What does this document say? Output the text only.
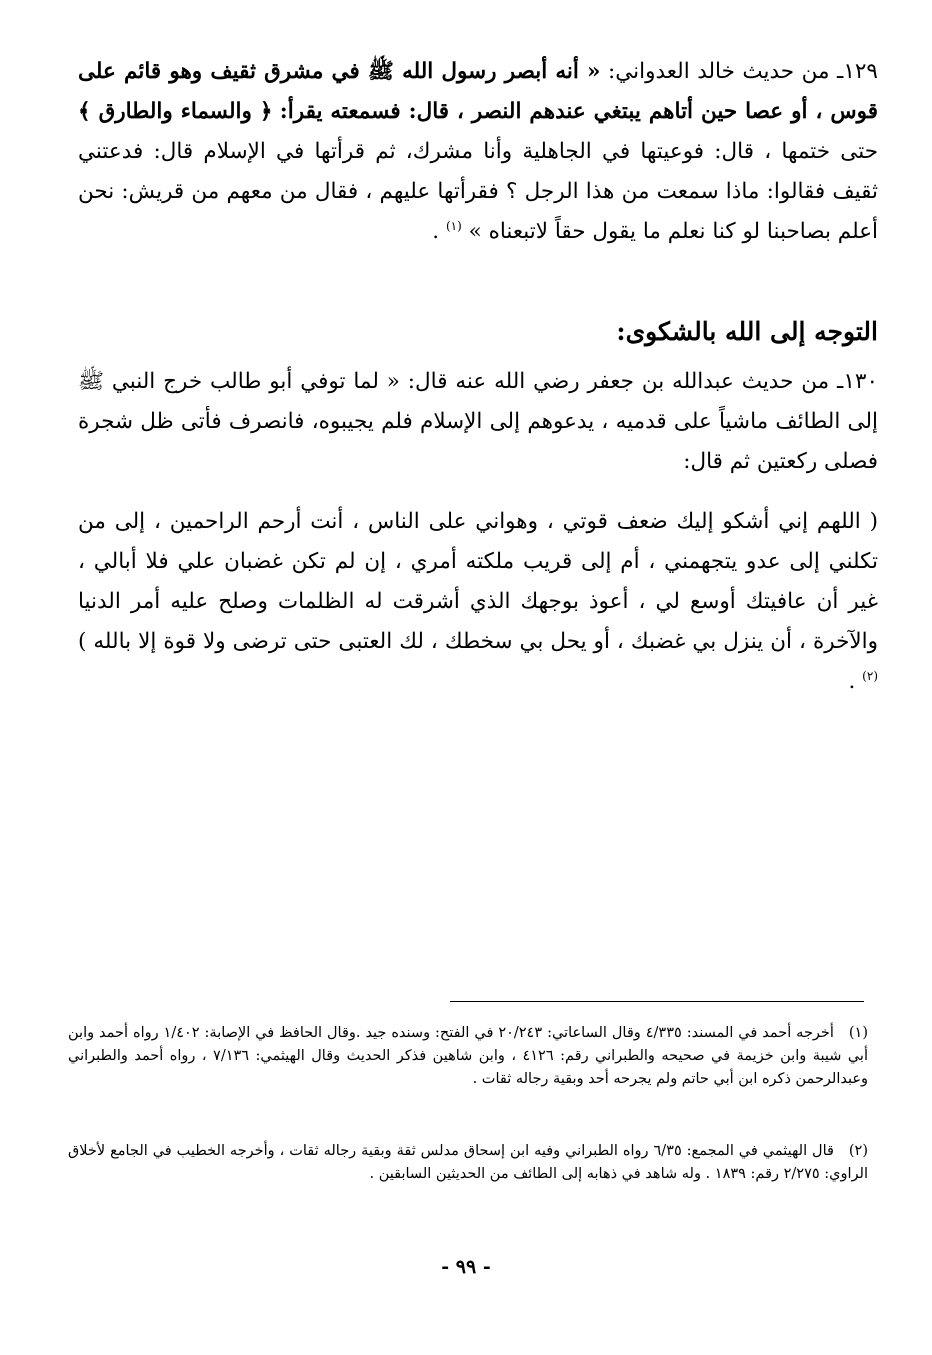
١٢٩ـ من حديث خالد العدواني: « أنه أبصر رسول الله ﷺ في مشرق ثقيف وهو قائم على قوس ، أو عصا حين أتاهم يبتغي عندهم النصر ، قال: فسمعته يقرأ: ﴿ والسماء والطارق ﴾ حتى ختمها ، قال: فوعيتها في الجاهلية وأنا مشرك، ثم قرأتها في الإسلام قال: فدعتني ثقيف فقالوا: ماذا سمعت من هذا الرجل ؟ فقرأتها عليهم ، فقال من معهم من قريش: نحن أعلم بصاحبنا لو كنا نعلم ما يقول حقاً لاتبعناه » $^{(١)}$ .

التوجه إلى الله بالشكوى:

١٣٠ـ من حديث عبدالله بن جعفر رضي الله عنه قال: « لما توفي أبو طالب خرج النبي ﷺ إلى الطائف ماشياً على قدميه ، يدعوهم إلى الإسلام فلم يجيبوه، فانصرف فأتى ظل شجرة فصلى ركعتين ثم قال:

( اللهم إني أشكو إليك ضعف قوتي ، وهواني على الناس ، أنت أرحم الراحمين ، إلى من تكلني إلى عدو يتجهمني ، أم إلى قريب ملكته أمري ، إن لم تكن غضبان علي فلا أبالي ، غير أن عافيتك أوسع لي ، أعوذ بوجهك الذي أشرقت له الظلمات وصلح عليه أمر الدنيا والآخرة ، أن ينزل بي غضبك ، أو يحل بي سخطك ، لك العتبى حتى ترضى ولا قوة إلا بالله ) $^{(٢)}$ .

(١) أخرجه أحمد في المسند: ٤/٣٣٥ وقال الساعاتي: ٢٠/٢٤٣ في الفتح: وسنده جيد .وقال الحافظ في الإصابة: ١/٤٠٢ رواه أحمد وابن أبي شيبة وابن خزيمة في صحيحه والطبراني رقم: ٤١٢٦ ، وابن شاهين فذكر الحديث وقال الهيثمي: ٧/١٣٦ ، رواه أحمد والطبراني وعبدالرحمن ذكره ابن أبي حاتم ولم يجرحه أحد وبقية رجاله ثقات .

(٢) قال الهيثمي في المجمع: ٦/٣٥ رواه الطبراني وفيه ابن إسحاق مدلس ثقة وبقية رجاله ثقات ، وأخرجه الخطيب في الجامع لأخلاق الراوي: ٢/٢٧٥ رقم: ١٨٣٩ . وله شاهد في ذهابه إلى الطائف من الحديثين السابقين .

- ٩٩ -
